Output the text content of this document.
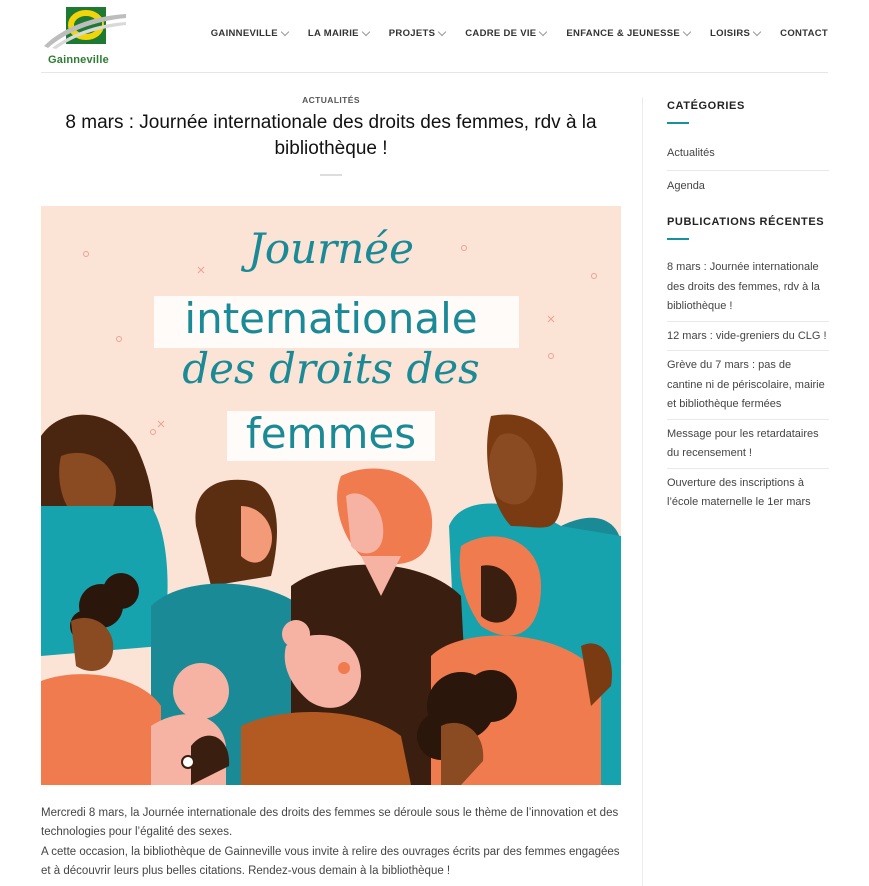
Gainneville
GAINNEVILLE	LA MAIRIE	PROJETS	CADRE DE VIE	ENFANCE & JEUNESSE	LOISIRS	CONTACT
ACTUALITÉS
8 mars : Journée internationale des droits des femmes, rdv à la bibliothèque !
Journée
internationale
des droits des
femmes

Mercredi 8 mars, la Journée internationale des droits des femmes se déroule sous le thème de l’innovation et des technologies pour l’égalité des sexes.

A cette occasion, la bibliothèque de Gainneville vous invite à relire des ouvrages écrits par des femmes engagées et à découvrir leurs plus belles citations. Rendez-vous demain à la bibliothèque !

CATÉGORIES
Actualités
Agenda
PUBLICATIONS RÉCENTES
8 mars : Journée internationale des droits des femmes, rdv à la bibliothèque !
12 mars : vide-greniers du CLG !
Grève du 7 mars : pas de cantine ni de périscolaire, mairie et bibliothèque fermées
Message pour les retardataires du recensement !
Ouverture des inscriptions à l’école maternelle le 1er mars
